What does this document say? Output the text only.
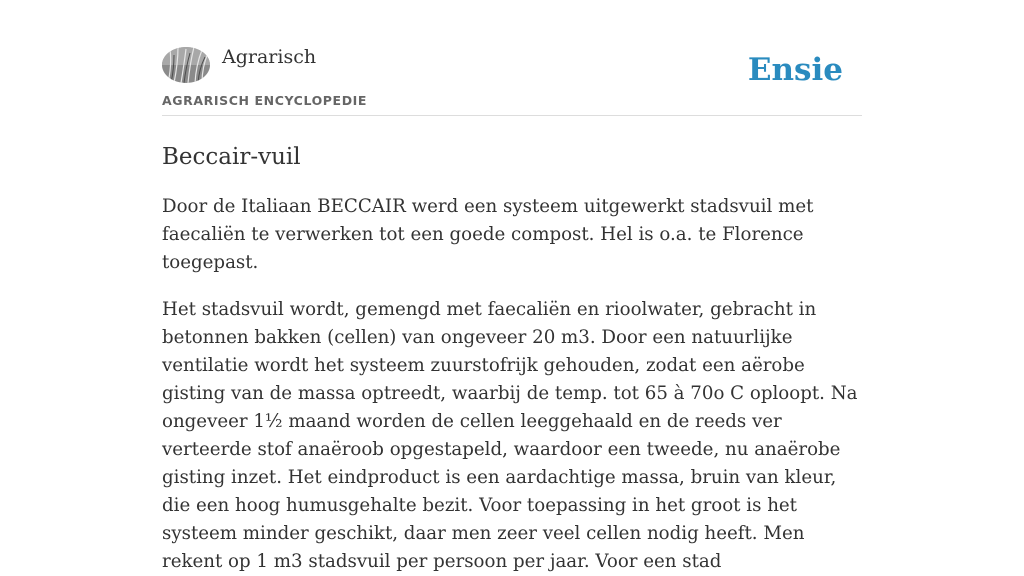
Agrarisch
AGRARISCH ENCYCLOPEDIE
Ensie
Beccair-vuil

Door de Italiaan BECCAIR werd een systeem uitgewerkt stadsvuil met faecaliën te verwerken tot een goede compost. Hel is o.a. te Florence toegepast.

Het stadsvuil wordt, gemengd met faecaliën en rioolwater, gebracht in betonnen bakken (cellen) van ongeveer 20 m3. Door een natuurlijke ventilatie wordt het systeem zuurstofrijk gehouden, zodat een aërobe gisting van de massa optreedt, waarbij de temp. tot 65 à 70o C oploopt. Na ongeveer 1½ maand worden de cellen leeggehaald en de reeds ver verteerde stof anaëroob opgestapeld, waardoor een tweede, nu anaërobe gisting inzet. Het eindproduct is een aardachtige massa, bruin van kleur, die een hoog humusgehalte bezit. Voor toepassing in het groot is het systeem minder geschikt, daar men zeer veel cellen nodig heeft. Men rekent op 1 m3 stadsvuil per persoon per jaar. Voor een stad
